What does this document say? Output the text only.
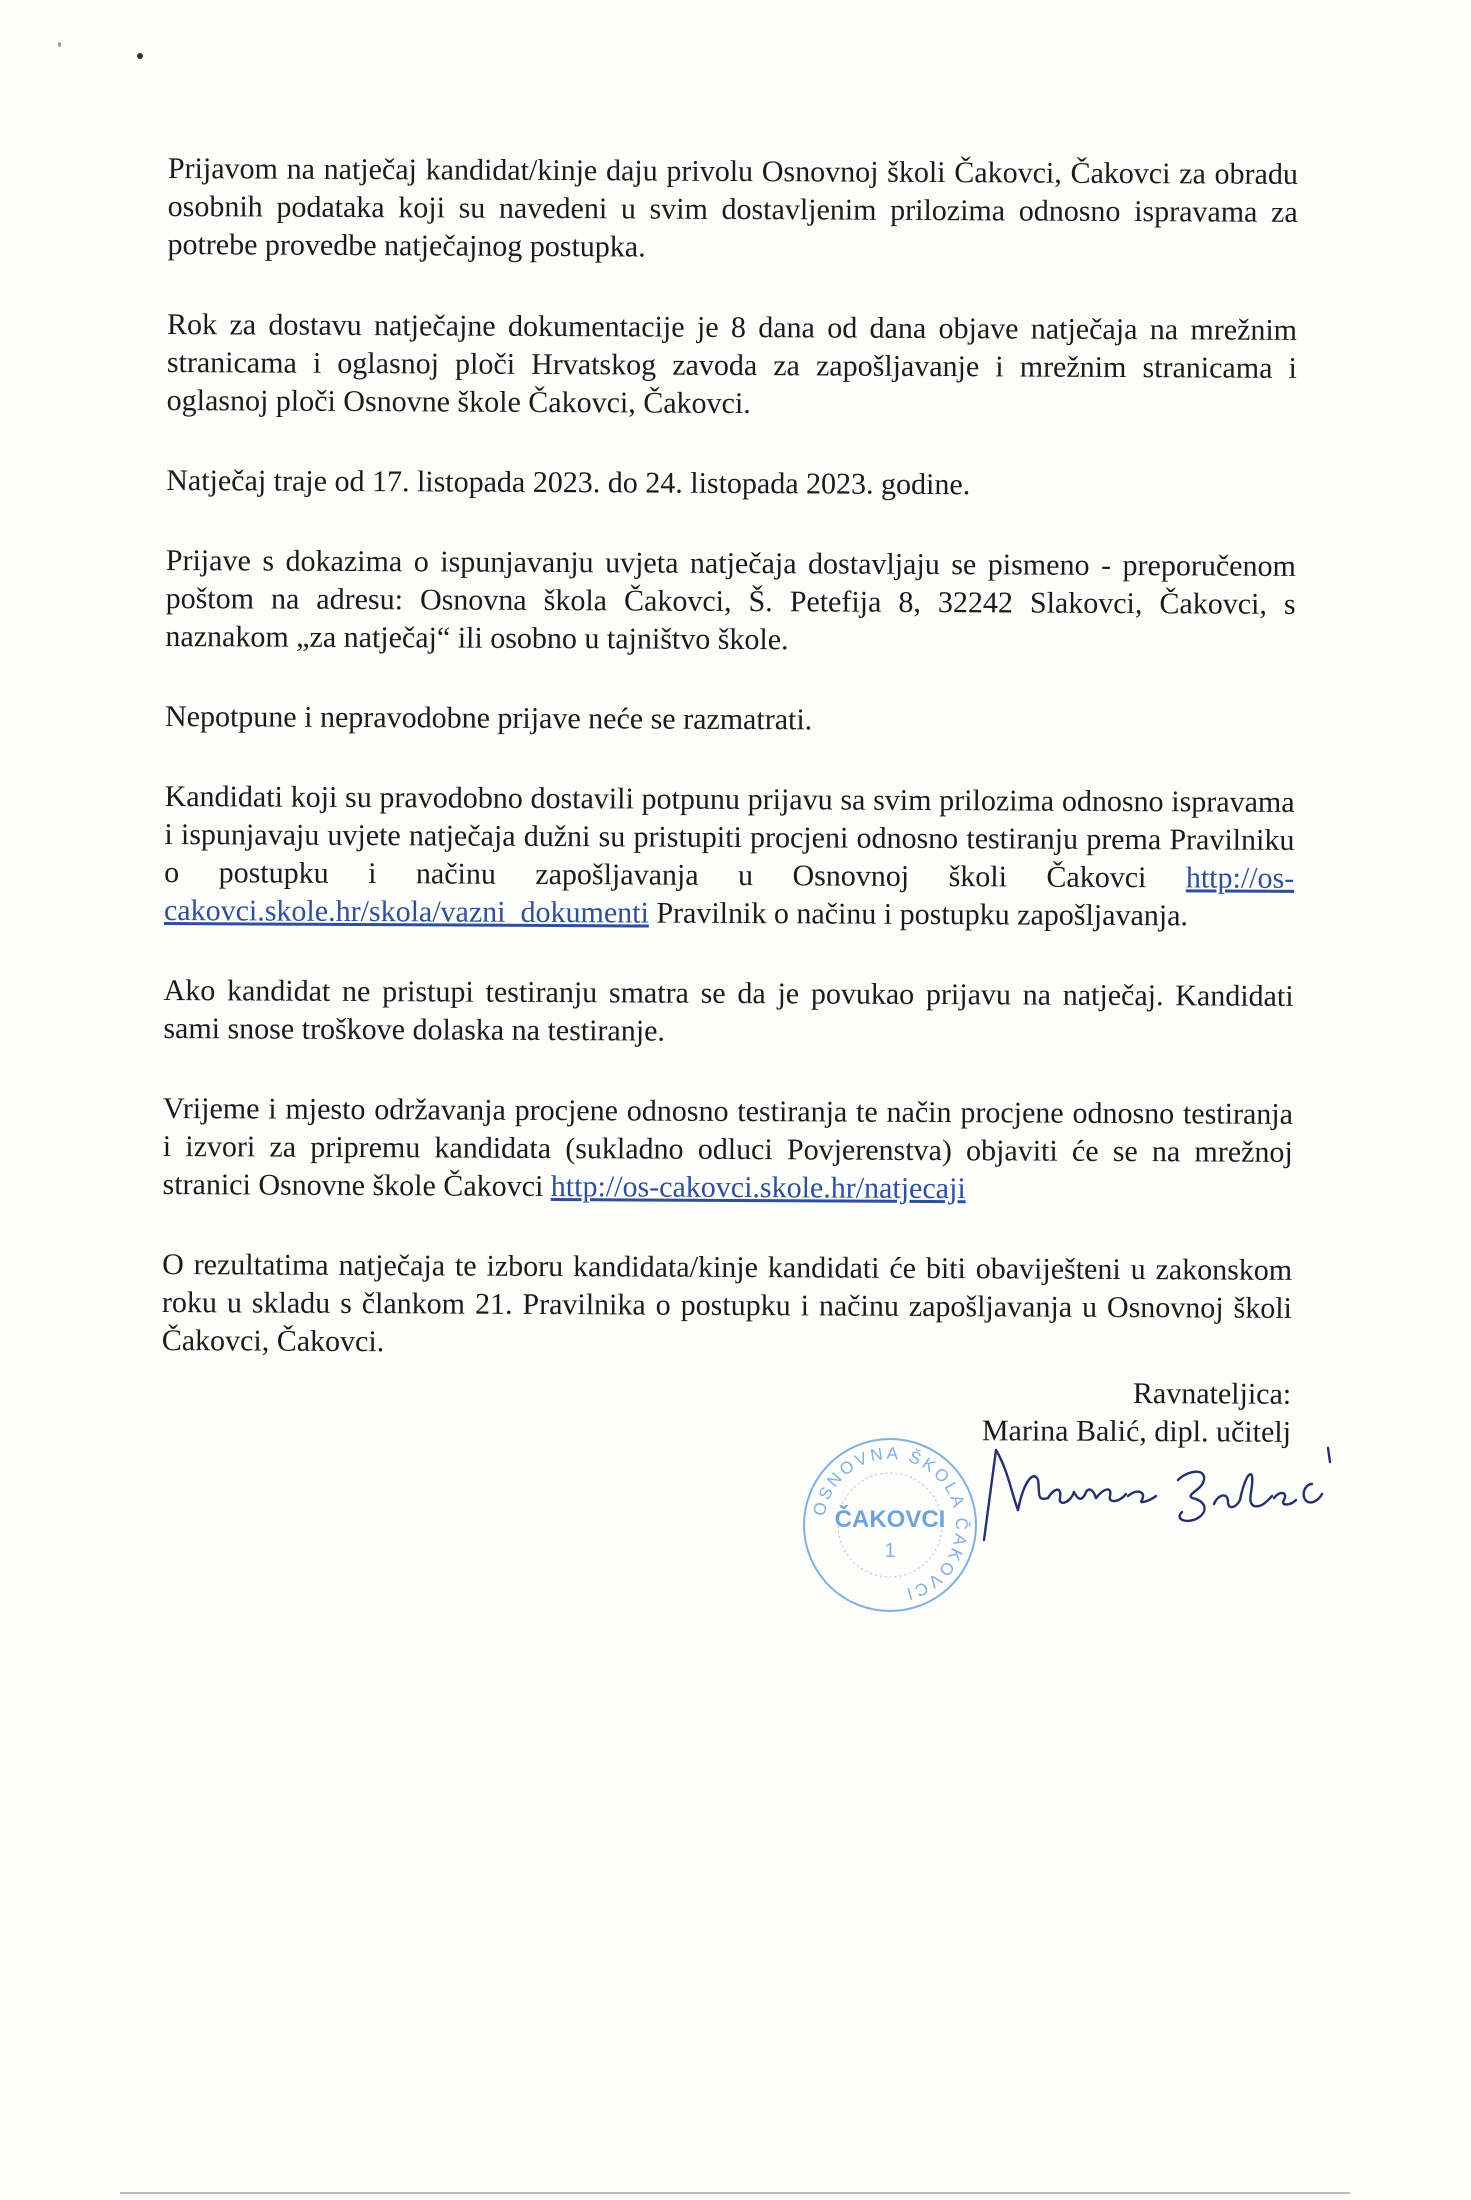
Prijavom na natječaj kandidat/kinje daju privolu Osnovnoj školi Čakovci, Čakovci za obradu osobnih podataka koji su navedeni u svim dostavljenim prilozima odnosno ispravama za potrebe provedbe natječajnog postupka.

Rok za dostavu natječajne dokumentacije je 8 dana od dana objave natječaja na mrežnim stranicama i oglasnoj ploči Hrvatskog zavoda za zapošljavanje i mrežnim stranicama i oglasnoj ploči Osnovne škole Čakovci, Čakovci.

Natječaj traje od 17. listopada 2023. do 24. listopada 2023. godine.

Prijave s dokazima o ispunjavanju uvjeta natječaja dostavljaju se pismeno - preporučenom poštom na adresu: Osnovna škola Čakovci, Š. Petefija 8, 32242 Slakovci, Čakovci, s naznakom „za natječaj“ ili osobno u tajništvo škole.

Nepotpune i nepravodobne prijave neće se razmatrati.

Kandidati koji su pravodobno dostavili potpunu prijavu sa svim prilozima odnosno ispravama i ispunjavaju uvjete natječaja dužni su pristupiti procjeni odnosno testiranju prema Pravilniku o postupku i načinu zapošljavanja u Osnovnoj školi Čakovci http://os-cakovci.skole.hr/skola/vazni_dokumenti Pravilnik o načinu i postupku zapošljavanja.

Ako kandidat ne pristupi testiranju smatra se da je povukao prijavu na natječaj. Kandidati sami snose troškove dolaska na testiranje.

Vrijeme i mjesto održavanja procjene odnosno testiranja te način procjene odnosno testiranja i izvori za pripremu kandidata (sukladno odluci Povjerenstva) objaviti će se na mrežnoj stranici Osnovne škole Čakovci http://os-cakovci.skole.hr/natjecaji

O rezultatima natječaja te izboru kandidata/kinje kandidati će biti obaviješteni u zakonskom roku u skladu s člankom 21. Pravilnika o postupku i načinu zapošljavanja u Osnovnoj školi Čakovci, Čakovci.

Ravnateljica:
Marina Balić, dipl. učitelj
OSNOVNA ŠKOLA ČAKOVCI
ČAKOVCI
1
